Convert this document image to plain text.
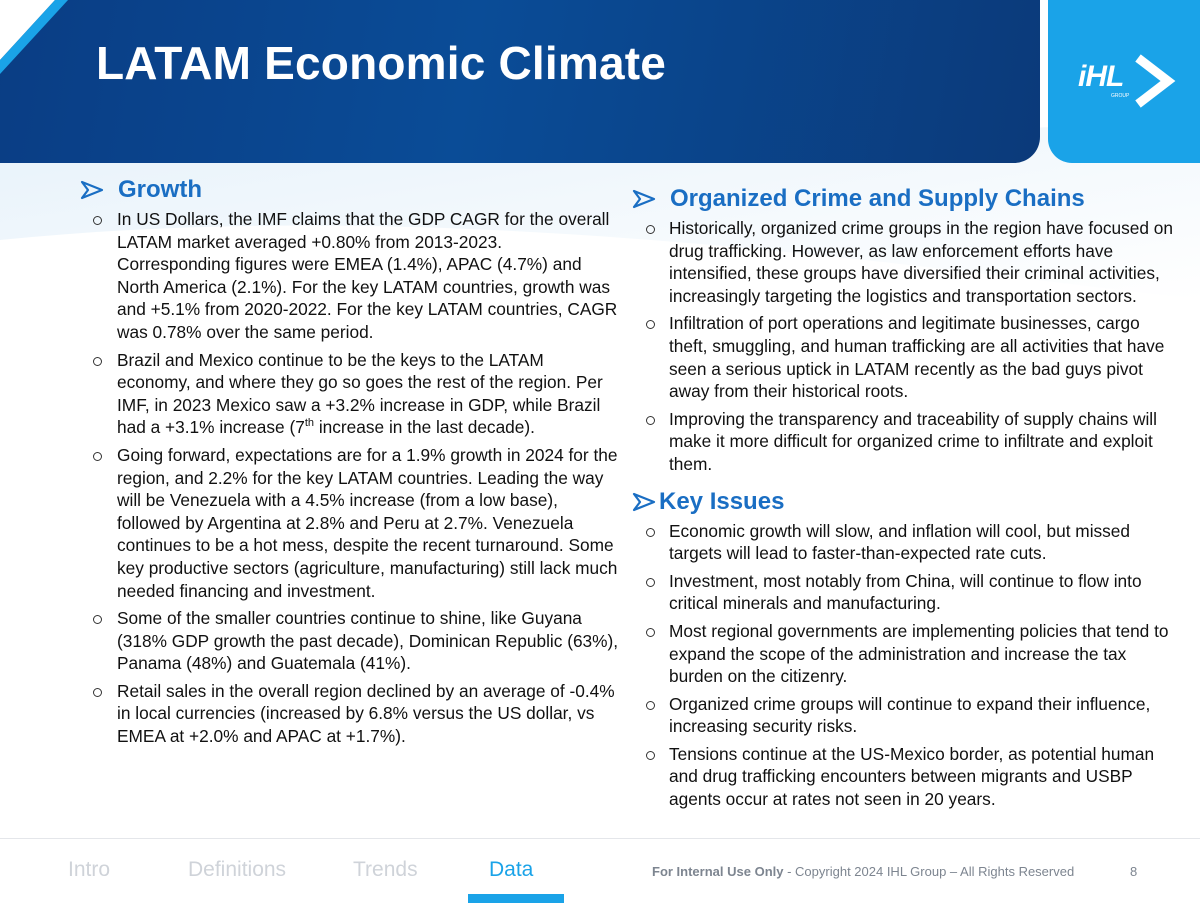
LATAM Economic Climate	iHL
GROUP
Growth
In US Dollars, the IMF claims that the GDP CAGR for the overall LATAM market averaged +0.80% from 2013-2023. Corresponding figures were EMEA (1.4%), APAC (4.7%) and North America (2.1%). For the key LATAM countries, growth was and +5.1% from 2020-2022. For the key LATAM countries, CAGR was 0.78% over the same period.
Brazil and Mexico continue to be the keys to the LATAM economy, and where they go so goes the rest of the region. Per IMF, in 2023 Mexico saw a +3.2% increase in GDP, while Brazil had a +3.1% increase (7th increase in the last decade).
Going forward, expectations are for a 1.9% growth in 2024 for the region, and 2.2% for the key LATAM countries. Leading the way will be Venezuela with a 4.5% increase (from a low base), followed by Argentina at 2.8% and Peru at 2.7%. Venezuela continues to be a hot mess, despite the recent turnaround. Some key productive sectors (agriculture, manufacturing) still lack much needed financing and investment.
Some of the smaller countries continue to shine, like Guyana (318% GDP growth the past decade), Dominican Republic (63%), Panama (48%) and Guatemala (41%).
Retail sales in the overall region declined by an average of -0.4% in local currencies (increased by 6.8% versus the US dollar, vs EMEA at +2.0% and APAC at +1.7%).
Organized Crime and Supply Chains
Historically, organized crime groups in the region have focused on drug trafficking. However, as law enforcement efforts have intensified, these groups have diversified their criminal activities, increasingly targeting the logistics and transportation sectors.
Infiltration of port operations and legitimate businesses, cargo theft, smuggling, and human trafficking are all activities that have seen a serious uptick in LATAM recently as the bad guys pivot away from their historical roots.
Improving the transparency and traceability of supply chains will make it more difficult for organized crime to infiltrate and exploit them.
Key Issues
Economic growth will slow, and inflation will cool, but missed targets will lead to faster-than-expected rate cuts.
Investment, most notably from China, will continue to flow into critical minerals and manufacturing.
Most regional governments are implementing policies that tend to expand the scope of the administration and increase the tax burden on the citizenry.
Organized crime groups will continue to expand their influence, increasing security risks.
Tensions continue at the US-Mexico border, as potential human and drug trafficking encounters between migrants and USBP agents occur at rates not seen in 20 years.
Intro	Definitions	Trends	Data	For Internal Use Only - Copyright 2024 IHL Group – All Rights Reserved	8
